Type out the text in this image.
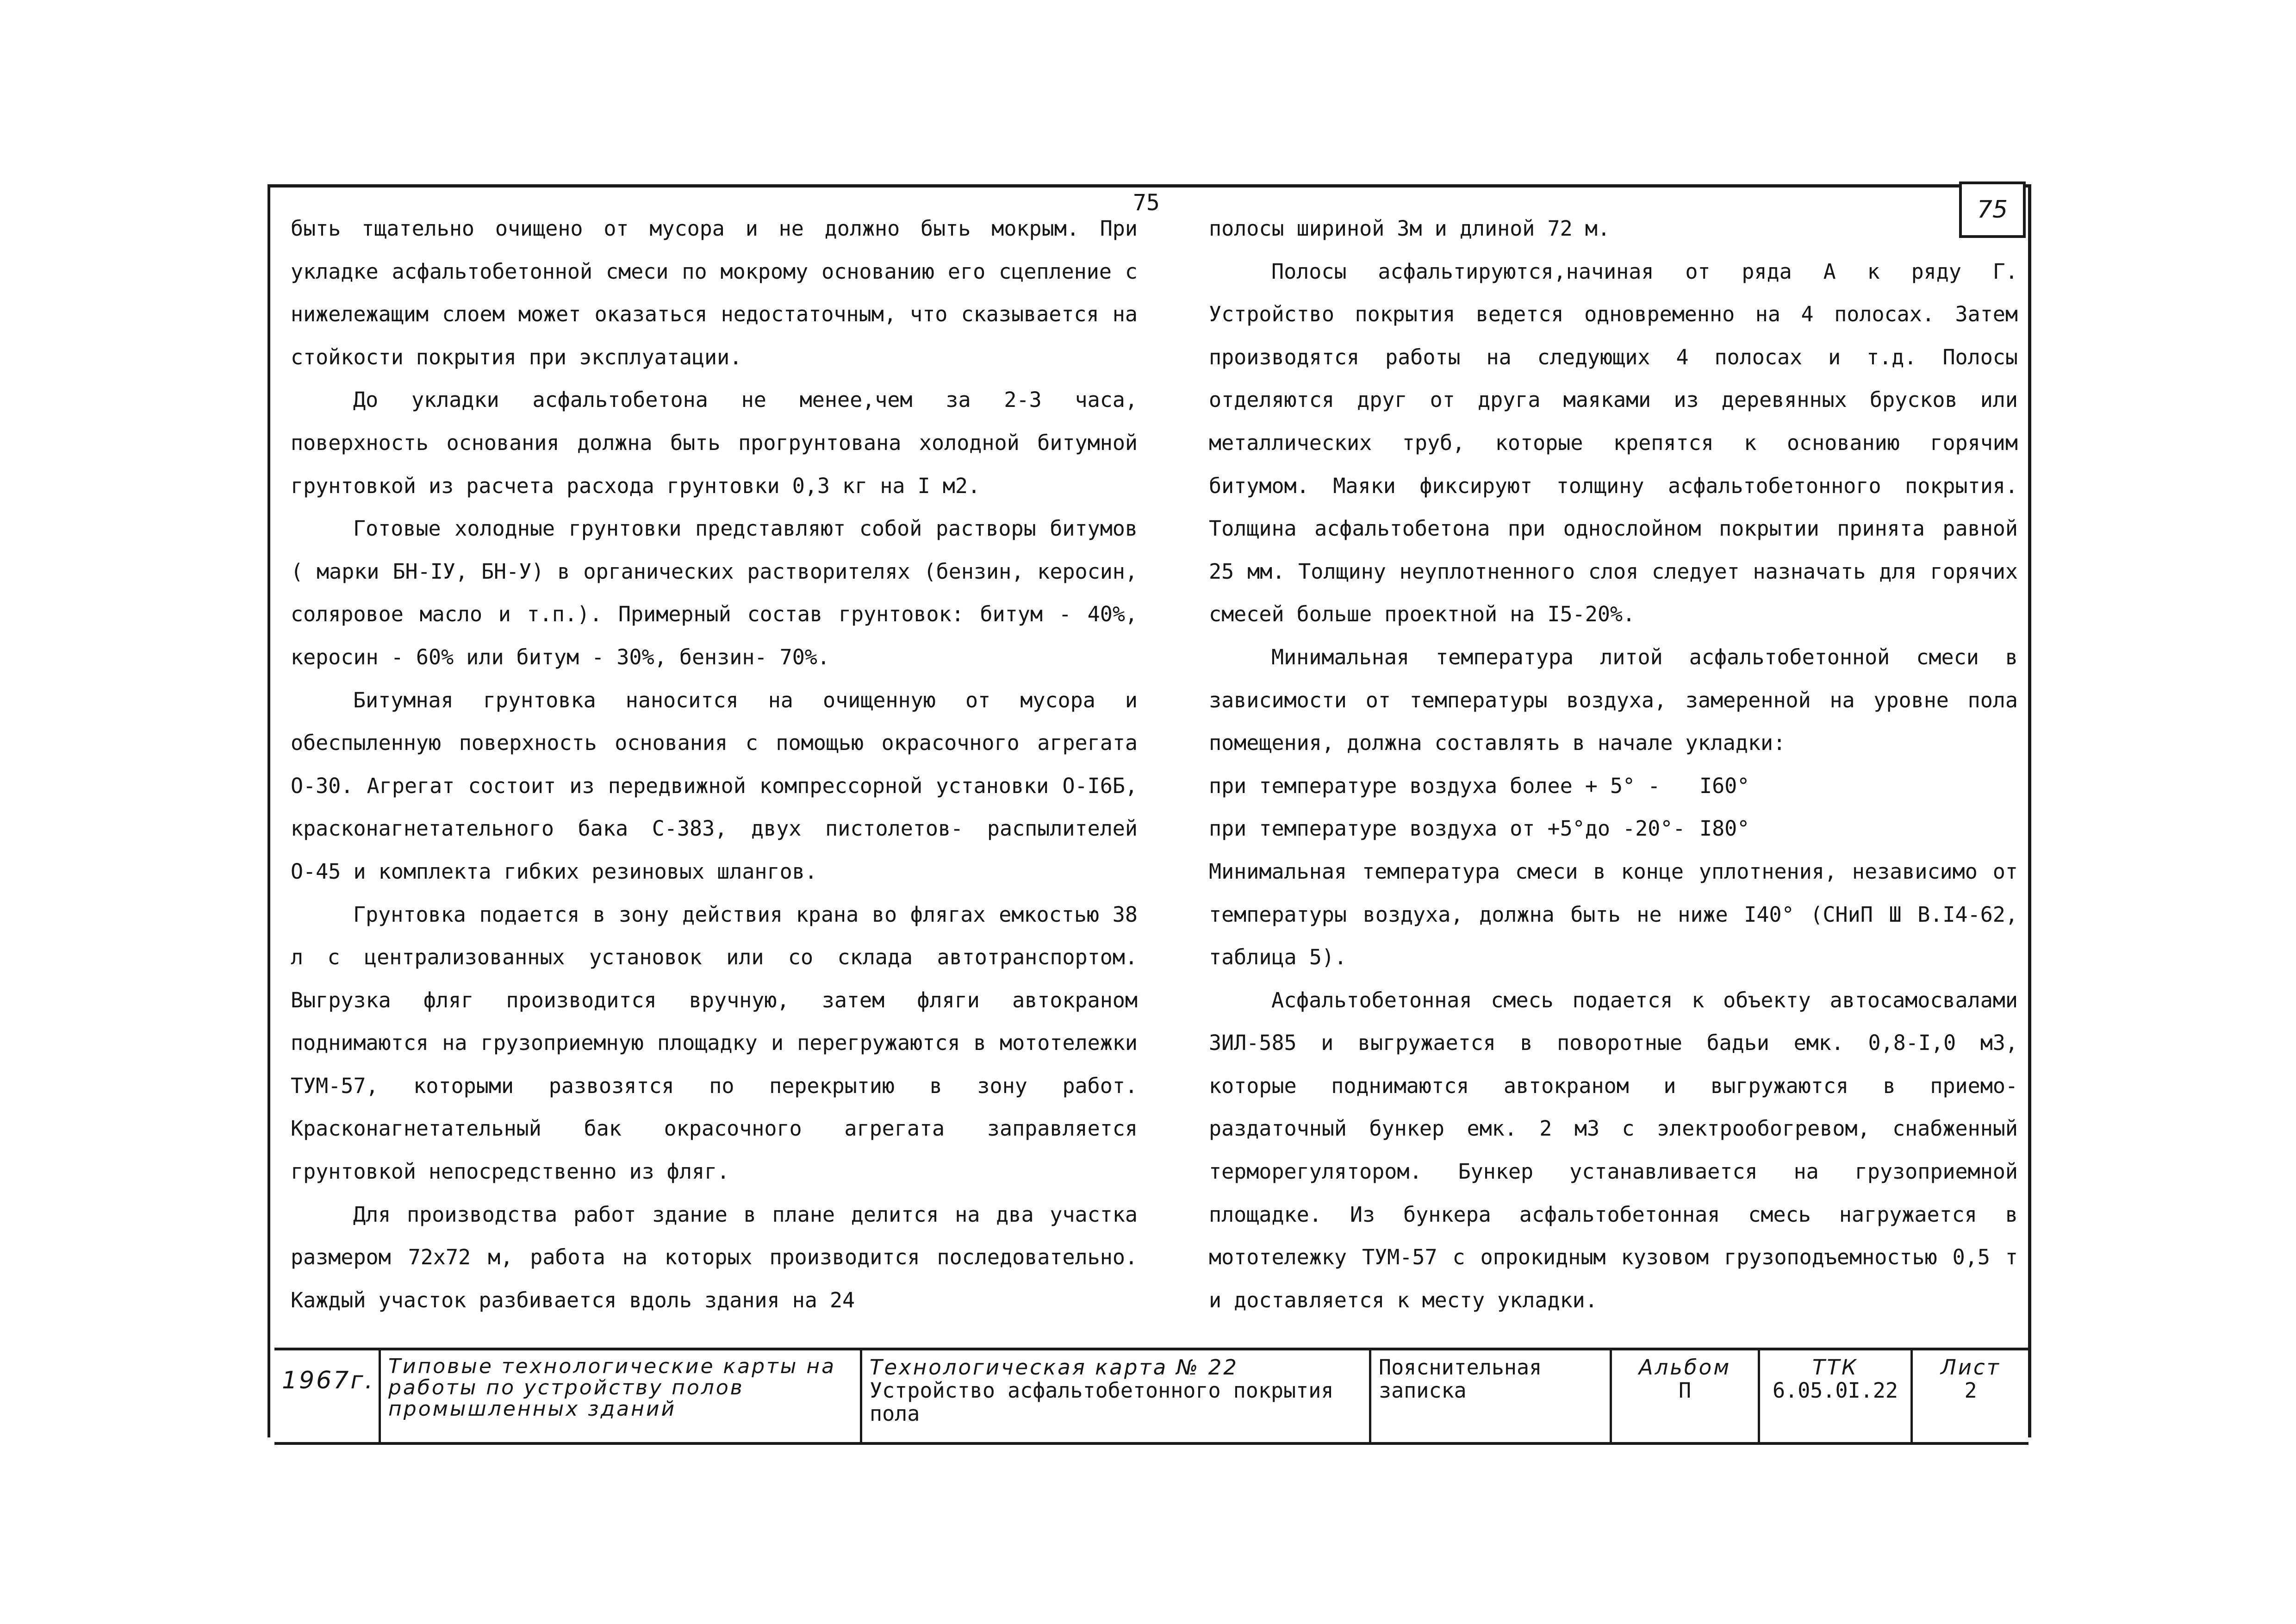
75	75

быть тщательно очищено от мусора и не должно быть мокрым. При укладке асфальтобетонной смеси по мокрому основанию его сцепление с нижележащим слоем может оказаться недостаточным, что сказывается на стойкости покрытия при эксплуатации.

До укладки асфальтобетона не менее,чем за 2-3 часа, поверхность основания должна быть прогрунтована холодной битумной грунтовкой из расчета расхода грунтовки 0,3 кг на I м2.

Готовые холодные грунтовки представляют собой растворы битумов ( марки БН-IУ, БН-У) в органических растворителях (бензин, керосин, соляровое масло и т.п.). Примерный состав грунтовок: битум - 40%, керосин - 60% или битум - 30%, бензин- 70%.

Битумная грунтовка наносится на очищенную от мусора и обеспыленную поверхность основания с помощью окрасочного агрегата О-30. Агрегат состоит из передвижной компрессорной установки О-I6Б, красконагнетательного бака С-383, двух пистолетов- распылителей О-45 и комплекта гибких резиновых шлангов.

Грунтовка подается в зону действия крана во флягах емкостью 38 л с централизованных установок или со склада автотранспортом. Выгрузка фляг производится вручную, затем фляги автокраном поднимаются на грузоприемную площадку и перегружаются в мототележки ТУМ-57, которыми развозятся по перекрытию в зону работ. Красконагнетательный бак окрасочного агрегата заправляется грунтовкой непосредственно из фляг.

Для производства работ здание в плане делится на два участка размером 72х72 м, работа на которых производится последовательно. Каждый участок разбивается вдоль здания на 24

полосы шириной 3м и длиной 72 м.

Полосы асфальтируются,начиная от ряда А к ряду Г. Устройство покрытия ведется одновременно на 4 полосах. Затем производятся работы на следующих 4 полосах и т.д. Полосы отделяются друг от друга маяками из деревянных брусков или металлических труб, которые крепятся к основанию горячим битумом. Маяки фиксируют толщину асфальтобетонного покрытия. Толщина асфальтобетона при однослойном покрытии принята равной 25 мм. Толщину неуплотненного слоя следует назначать для горячих смесей больше проектной на I5-20%.

Минимальная температура литой асфальтобетонной смеси в зависимости от температуры воздуха, замеренной на уровне пола помещения, должна составлять в начале укладки:

при температуре воздуха более + 5° -	I60°

при температуре воздуха от +5°до -20°- I80°

Минимальная температура смеси в конце уплотнения, независимо от температуры воздуха, должна быть не ниже I40° (СНиП Ш В.I4-62, таблица 5).

Асфальтобетонная смесь подается к объекту автосамосвалами ЗИЛ-585 и выгружается в поворотные бадьи емк. 0,8-I,0 м3, которые поднимаются автокраном и выгружаются в приемо-раздаточный бункер емк. 2 м3 с электрообогревом, снабженный терморегулятором. Бункер устанавливается на грузоприемной площадке. Из бункера асфальтобетонная смесь нагружается в мототележку ТУМ-57 с опрокидным кузовом грузоподъемностью 0,5 т и доставляется к месту укладки.

1967г.
Типовые технологические карты на работы по устройству полов промышленных зданий
Технологическая карта № 22
Устройство асфальтобетонного покрытия пола
Пояснительная записка
Альбом
П
ТТК
6.05.0I.22
Лист
2
